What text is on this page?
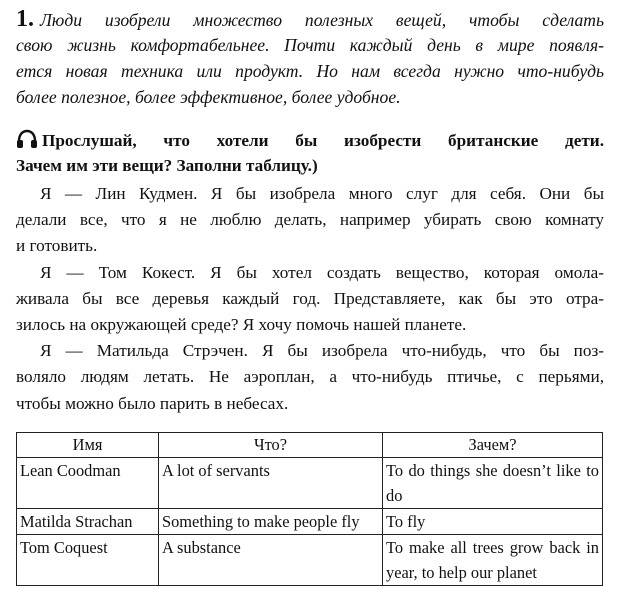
1. Люди изобрели множество полезных вещей, чтобы сделать
свою жизнь комфортабельнее. Почти каждый день в мире появля-
ется новая техника или продукт. Но нам всегда нужно что-нибудь
более полезное, более эффективное, более удобное.
Прослушай, что хотели бы изобрести британские дети.
Зачем им эти вещи? Заполни таблицу.)
Я — Лин Кудмен. Я бы изобрела много слуг для себя. Они бы
делали все, что я не люблю делать, например убирать свою комнату
и готовить.
Я — Том Кокест. Я бы хотел создать вещество, которая омола-
живала бы все деревья каждый год. Представляете, как бы это отра-
зилось на окружающей среде? Я хочу помочь нашей планете.
Я — Матильда Стрэчен. Я бы изобрела что-нибудь, что бы поз-
воляло людям летать. Не аэроплан, а что-нибудь птичье, с перьями,
чтобы можно было парить в небесах.
Имя	Что?	Зачем?
Lean Coodman	A lot of servants	To do things she doesn’t like to do
Matilda Strachan	Something to make people fly	To fly
Tom Coquest	A substance	To make all trees grow back in year, to help our planet
